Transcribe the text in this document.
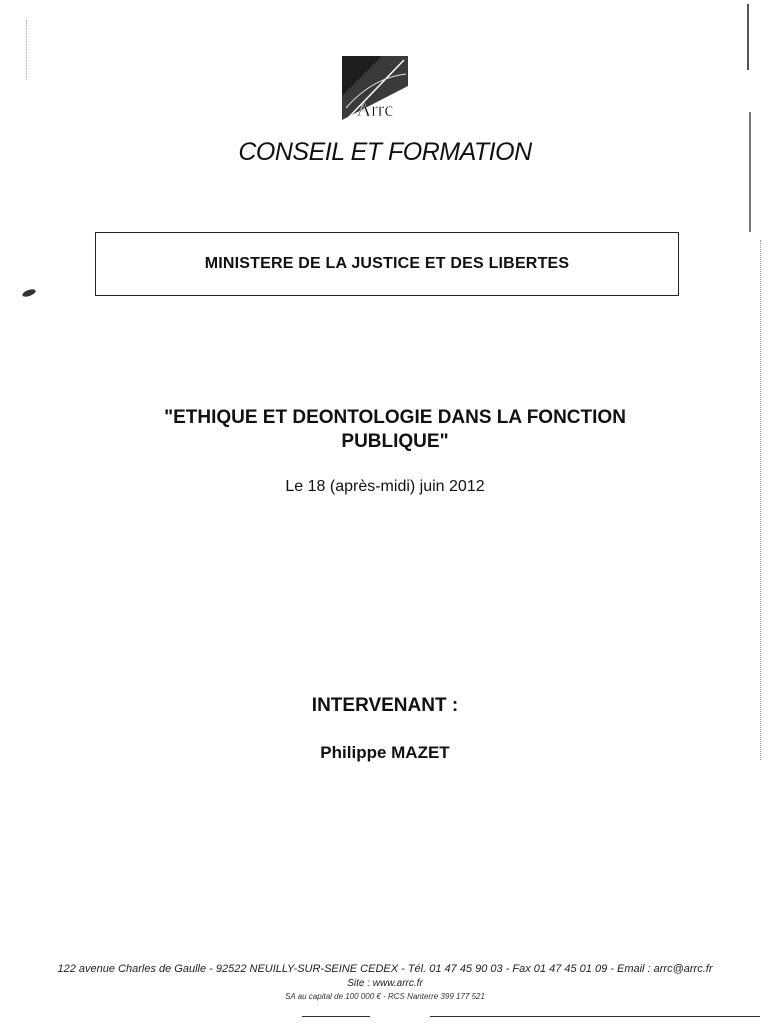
Arrc
CONSEIL ET FORMATION
MINISTERE DE LA JUSTICE ET DES LIBERTES
"ETHIQUE ET DEONTOLOGIE DANS LA FONCTION PUBLIQUE"
Le 18 (après-midi) juin 2012
INTERVENANT :
Philippe MAZET
122 avenue Charles de Gaulle - 92522 NEUILLY-SUR-SEINE CEDEX - Tél. 01 47 45 90 03 - Fax 01 47 45 01 09 - Email : arrc@arrc.fr
Site : www.arrc.fr
SA au capital de 100 000 € - RCS Nanterre 399 177 521
